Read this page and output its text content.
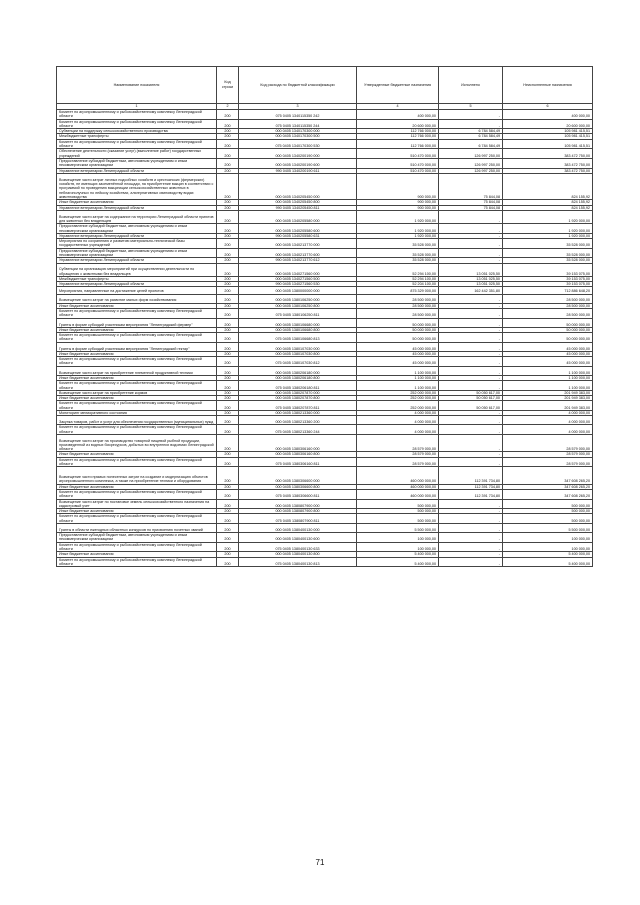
Наименование показателя	Код строки	Код расхода по бюджетной классификации	Утвержденные бюджетные назначения	Исполнено	Неисполненные назначения
1	2	3	4	5	6
Комитет по агропромышленному и рыбохозяйственному комплексу Ленинградской области	200	075 0405 1340115350 242	400 000,00	-	400 000,00
Комитет по агропромышленному и рыбохозяйственному комплексу Ленинградской области	200	075 0405 1340115350 244	20 600 000,00	-	20 600 000,00
Субвенции на поддержку сельскохозяйственного производства	200	000 0405 1340170300 000	112 766 000,00	6 784 584,49	105 981 415,51
Межбюджетные трансферты	200	000 0405 1340170300 500	112 766 000,00	6 784 584,49	105 981 415,51
Комитет по агропромышленному и рыбохозяйственному комплексу Ленинградской области	200	075 0405 1340170300 530	112 766 000,00	6 784 584,49	105 981 415,51
Обеспечение деятельности (оказание услуг) (выполнение работ) государственных учреждений	200	000 0405 1340200190 000	510 470 000,00	126 997 250,00	383 472 750,00
Предоставление субсидий бюджетным, автономным учреждениям и иным некоммерческим организациям	200	000 0405 1340200190 600	510 470 000,00	126 997 250,00	383 472 750,00
Управление ветеринарии Ленинградской области	200	990 0405 1340200190 611	510 470 000,00	126 997 250,00	383 472 750,00
Возмещение части затрат личных подсобных хозяйств и крестьянских (фермерских) хозяйств, не имеющих засеменённой площади, на приобретение вакцин в соответствии с программой по проведению вакцинации сельскохозяйственных животных в неблагополучных по лейкозу хозяйствах, альтернативных свиноводству видах животноводства	200	000 0405 1340205450 000	900 000,00	75 844,08	824 155,92
Иные бюджетные ассигнования	200	000 0405 1340205450 800	900 000,00	75 844,08	824 155,92
Управление ветеринарии Ленинградской области	200	990 0405 1340205450 811	900 000,00	75 844,08	824 155,92
Возмещение части затрат на содержание на территории Ленинградской области приютов для животных без владельцев	200	000 0405 1340205580 000	1 920 000,00	-	1 920 000,00
Предоставление субсидий бюджетным, автономным учреждениям и иным некоммерческим организациям	200	000 0405 1340205580 600	1 920 000,00	-	1 920 000,00
Управление ветеринарии Ленинградской области	200	990 0405 1340205580 631	1 920 000,00	-	1 920 000,00
Мероприятия по сохранению и развитию материально-технической базы государственных учреждений	200	000 0405 1340213770 000	35 528 000,00	-	35 528 000,00
Предоставление субсидий бюджетным, автономным учреждениям и иным некоммерческим организациям	200	000 0405 1340213770 600	35 528 000,00	-	35 528 000,00
Управление ветеринарии Ленинградской области	200	990 0405 1340213770 612	35 528 000,00	-	35 528 000,00
Субвенции на организацию мероприятий при осуществлении деятельности по обращению с животными без владельцев	200	000 0405 1340271560 000	52 294 100,00	13 051 025,50	39 153 075,00
Межбюджетные трансферты	200	000 0405 1340271560 500	52 294 100,00	13 051 025,50	39 153 075,00
Управление ветеринарии Ленинградской области	200	990 0405 1340271560 530	52 204 100,00	13 051 025,50	39 153 075,00
Мероприятия, направленные на достижение целей проектов	200	000 0405 1380000000 000	875 329 000,00	162 442 351,80	712 886 648,20
Возмещение части затрат на развитие малых форм хозяйствования	200	000 0405 1380106250 000	28 500 000,00	-	28 500 000,00
Иные бюджетные ассигнования	200	000 0405 1380106250 800	28 500 000,00	-	28 500 000,00
Комитет по агропромышленному и рыбохозяйственному комплексу Ленинградской области	200	075 0405 1380106250 811	28 500 000,00	-	28 500 000,00
Гранты в форме субсидий участникам мероприятия "Ленинградский фермер"	200	000 0405 1380106680 000	50 000 000,00	-	50 000 000,00
Иные бюджетные ассигнования	200	000 0405 1380106680 800	50 000 000,00	-	50 000 000,00
Комитет по агропромышленному и рыбохозяйственному комплексу Ленинградской области	200	075 0405 1380106680 813	50 000 000,00	-	50 000 000,00
Гранты в форме субсидий участникам мероприятия "Ленинградский гектар"	200	000 0405 1380107030 000	45 000 000,00	-	45 000 000,00
Иные бюджетные ассигнования	200	000 0405 1380107030 800	45 000 000,00	-	45 000 000,00
Комитет по агропромышленному и рыбохозяйственному комплексу Ленинградской области	200	075 0405 1380107030 812	45 000 000,00	-	45 000 000,00
Возмещение части затрат на приобретение племенной продуктивной техники	200	000 0405 1380206180 000	1 100 000,00	-	1 100 000,00
Иные бюджетные ассигнования	200	000 0405 1380206180 800	1 100 000,00	-	1 100 000,00
Комитет по агропромышленному и рыбохозяйственному комплексу Ленинградской области	200	075 0405 1380206180 811	1 100 000,00	-	1 100 000,00
Возмещение части затрат на приобретение кормов	200	000 0405 1380207870 000	252 000 000,00	50 050 617,00	201 949 383,00
Иные бюджетные ассигнования	200	000 0405 1380207870 800	252 000 000,00	50 050 617,00	201 949 383,00
Комитет по агропромышленному и рыбохозяйственному комплексу Ленинградской области	200	075 0405 1380207870 811	252 000 000,00	50 050 617,00	201 949 383,00
Мониторинг мелиоративного состояния	200	000 0405 1380213360 000	4 000 000,00	-	4 000 000,00
Закупка товаров, работ и услуг для обеспечения государственных (муниципальных) нужд	200	000 0405 1380213360 200	4 000 000,00	-	4 000 000,00
Комитет по агропромышленному и рыбохозяйственному комплексу Ленинградской области	200	075 0405 1380213360 244	4 000 000,00	-	4 000 000,00
Возмещение части затрат на производство товарной пищевой рыбной продукции, произведенной из водных биоресурсов, добытых во внутренних водоемах Ленинградской области	200	000 0405 1380306160 000	28 579 000,00	-	28 579 000,00
Иные бюджетные ассигнования	200	000 0405 1380306160 800	28 579 000,00	-	28 579 000,00
Комитет по агропромышленному и рыбохозяйственному комплексу Ленинградской области	200	075 0405 1380306160 811	28 579 000,00	-	28 579 000,00
Возмещение части прямых понесенных затрат на создание и модернизацию объектов агропромышленного комплекса, а также на приобретение техники и оборудования	200	000 0405 1380306600 000	460 000 000,00	112 391 734,80	347 608 265,20
Иные бюджетные ассигнования	200	000 0405 1380306600 800	460 000 000,00	112 391 734,80	347 608 265,20
Комитет по агропромышленному и рыбохозяйственному комплексу Ленинградской области	200	075 0405 1380306600 811	460 000 000,00	112 391 734,80	347 608 265,20
Возмещение части затрат по постановке земель сельскохозяйственного назначения на кадастровый учет	200	000 0405 1380807900 000	500 000,00	-	500 000,00
Иные бюджетные ассигнования	200	000 0405 1380807900 800	500 000,00	-	500 000,00
Комитет по агропромышленному и рыбохозяйственному комплексу Ленинградской области	200	075 0405 1380807900 811	500 000,00	-	500 000,00
Гранты в области ежегодных областных конкурсов по присвоению почетных званий	200	000 0405 1380400130 000	5 500 000,00	-	5 500 000,00
Предоставление субсидий бюджетным, автономным учреждениям и иным некоммерческим организациям	200	000 0405 1380400130 600	100 000,00	-	100 000,00
Комитет по агропромышленному и рыбохозяйственному комплексу Ленинградской области	200	075 0405 1380400130 633	100 000,00	-	100 000,00
Иные бюджетные ассигнования	200	000 0405 1380400130 800	5 400 000,00	-	5 400 000,00
Комитет по агропромышленному и рыбохозяйственному комплексу Ленинградской области	200	075 0405 1380400130 813	5 400 000,00	-	5 400 000,00
71
